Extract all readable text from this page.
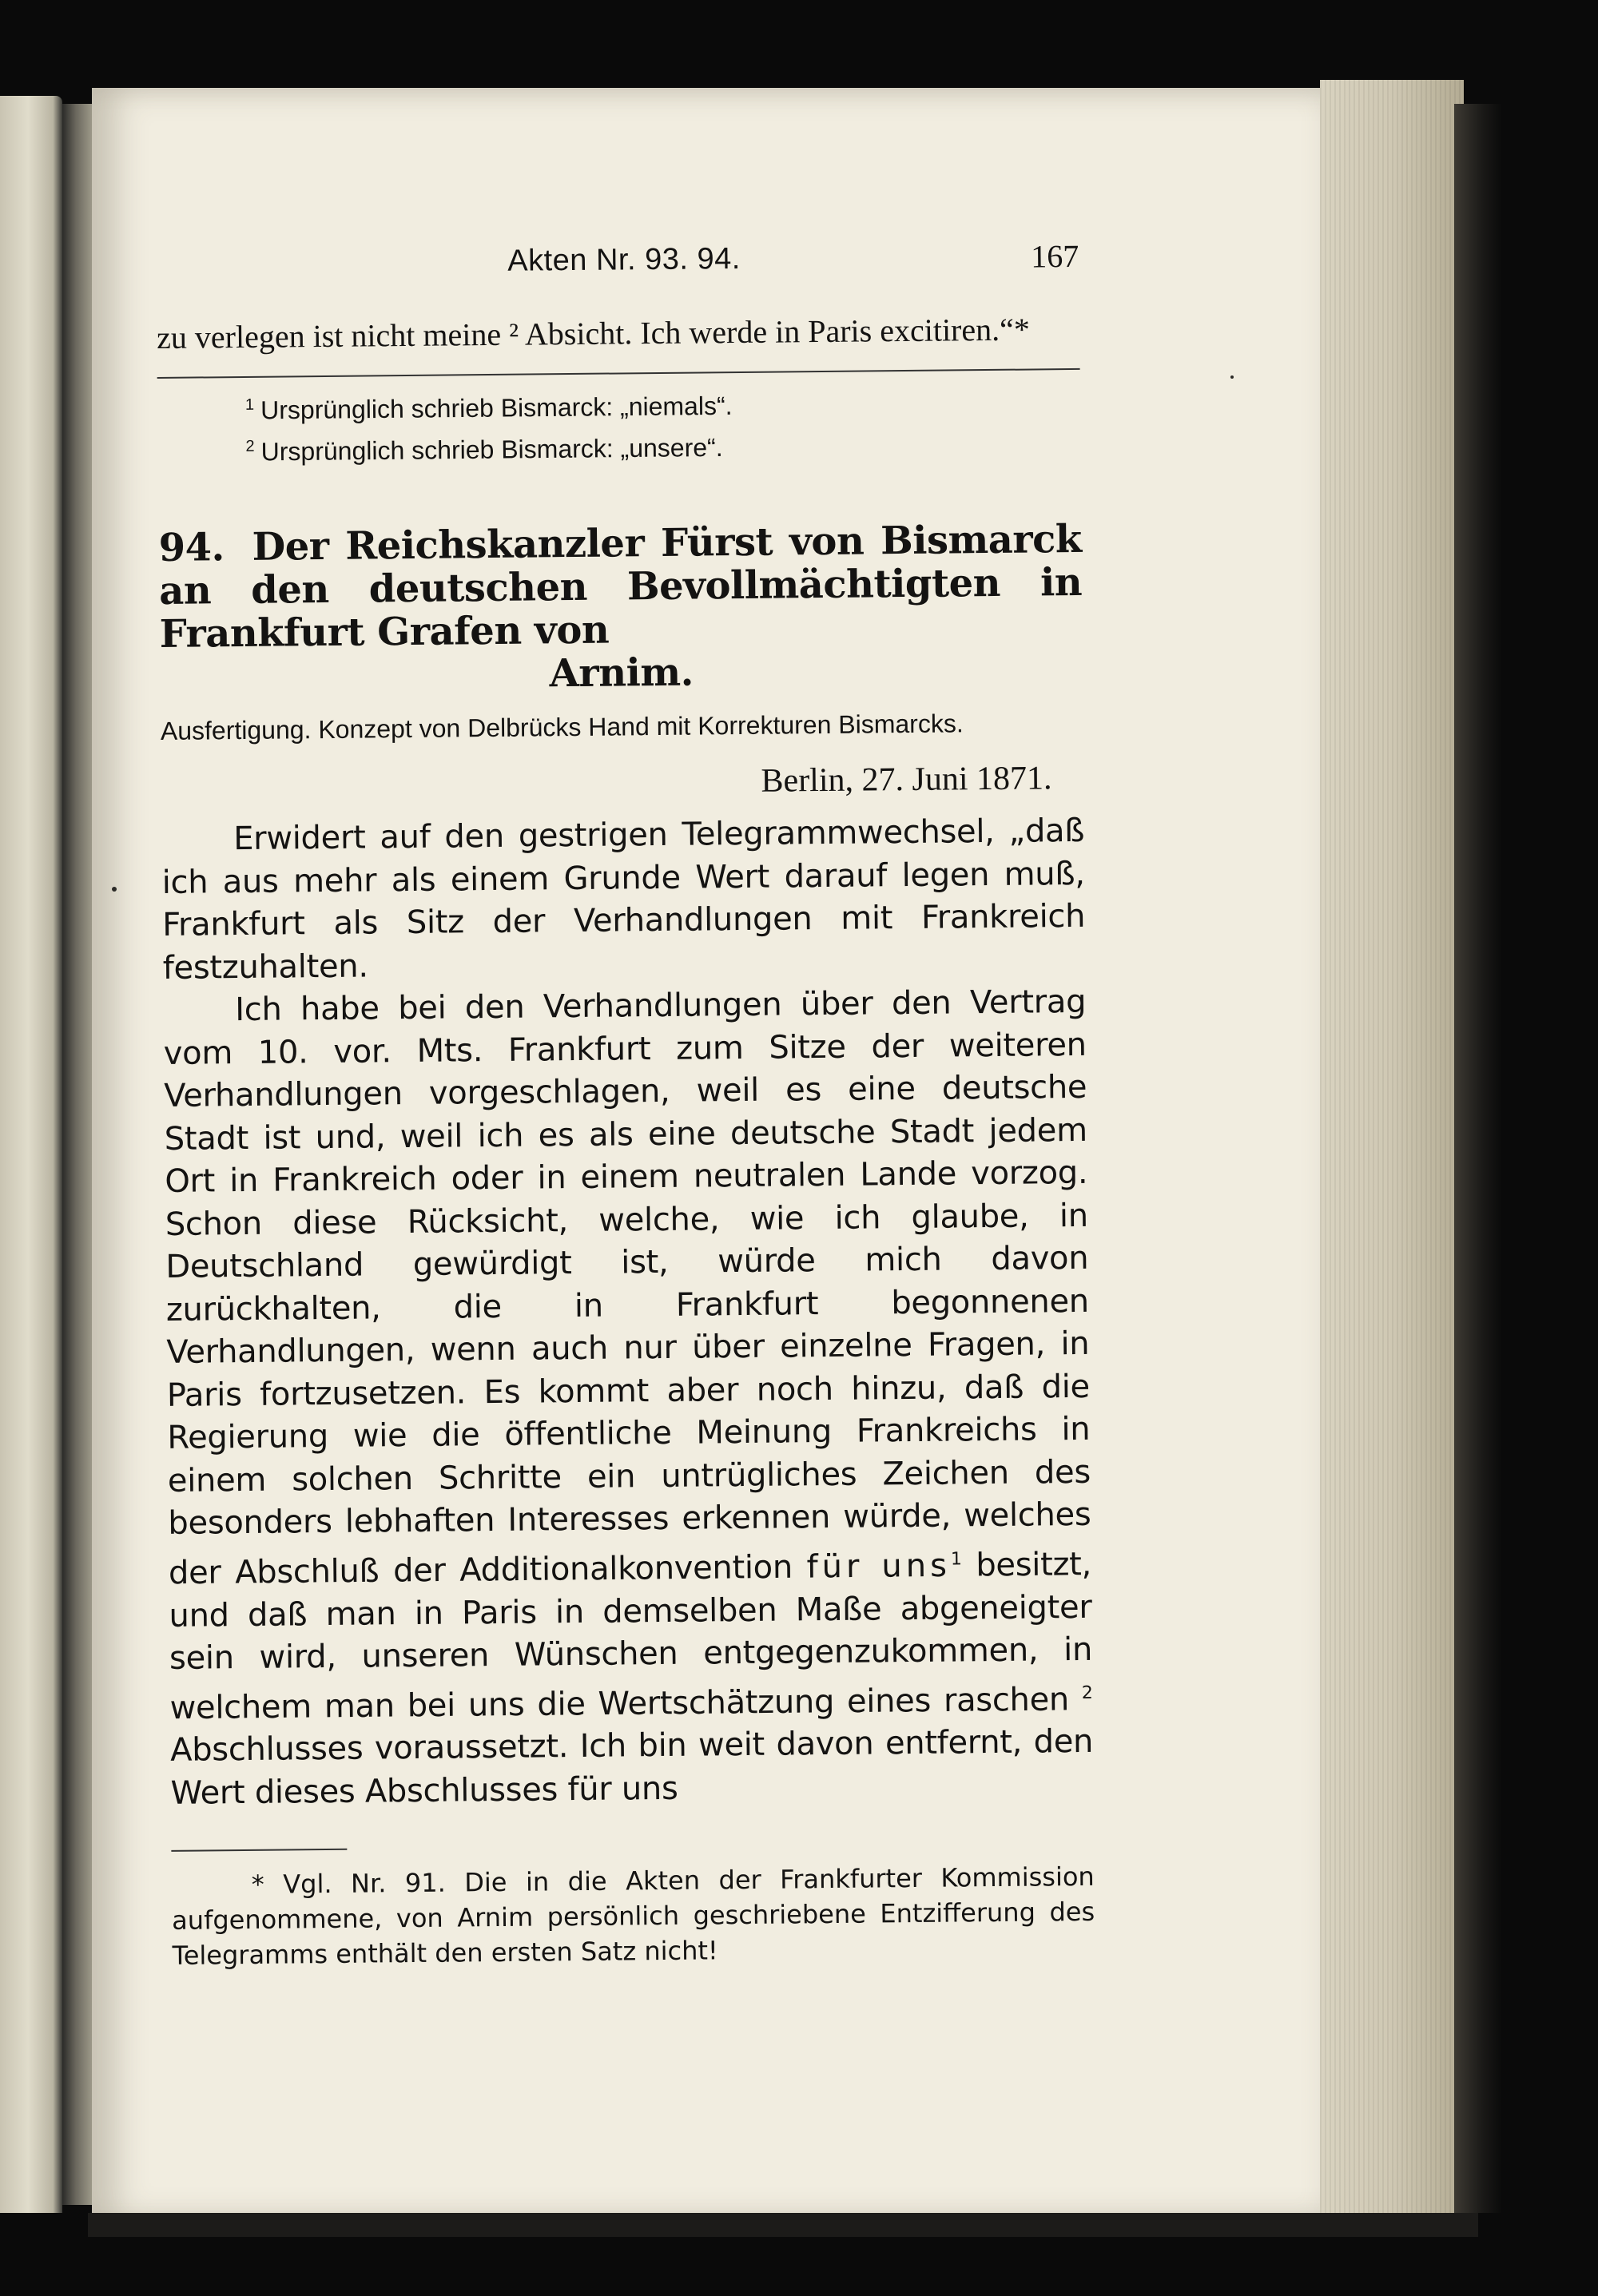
Akten Nr. 93. 94.	167

zu verlegen ist nicht meine ² Absicht. Ich werde in Paris excitiren.“*

$^1$ Ursprünglich schrieb Bismarck: „niemals“.
$^2$ Ursprünglich schrieb Bismarck: „unsere“.
94. Der Reichskanzler Fürst von Bismarck an den deutschen Bevollmächtigten in Frankfurt Grafen von
Arnim.
Ausfertigung. Konzept von Delbrücks Hand mit Korrekturen Bismarcks.
Berlin, 27. Juni 1871.

Erwidert auf den gestrigen Telegrammwechsel, „daß ich aus mehr als einem Grunde Wert darauf legen muß, Frankfurt als Sitz der Verhandlungen mit Frankreich festzuhalten.

Ich habe bei den Verhandlungen über den Vertrag vom 10. vor. Mts. Frankfurt zum Sitze der weiteren Verhandlungen vorgeschlagen, weil es eine deutsche Stadt ist und, weil ich es als eine deutsche Stadt jedem Ort in Frankreich oder in einem neutralen Lande vorzog. Schon diese Rücksicht, welche, wie ich glaube, in Deutschland gewürdigt ist, würde mich davon zurückhalten, die in Frankfurt begonnenen Verhandlungen, wenn auch nur über einzelne Fragen, in Paris fortzusetzen. Es kommt aber noch hinzu, daß die Regierung wie die öffentliche Meinung Frankreichs in einem solchen Schritte ein untrügliches Zeichen des besonders lebhaften Interesses erkennen würde, welches der Abschluß der Additionalkonvention für uns$^1$ besitzt, und daß man in Paris in demselben Maße abgeneigter sein wird, unseren Wünschen entgegenzukommen, in welchem man bei uns die Wertschätzung eines raschen $^2$ Abschlusses voraussetzt. Ich bin weit davon entfernt, den Wert dieses Abschlusses für uns

* Vgl. Nr. 91. Die in die Akten der Frankfurter Kommission aufgenommene, von Arnim persönlich geschriebene Entzifferung des Telegramms enthält den ersten Satz nicht!
